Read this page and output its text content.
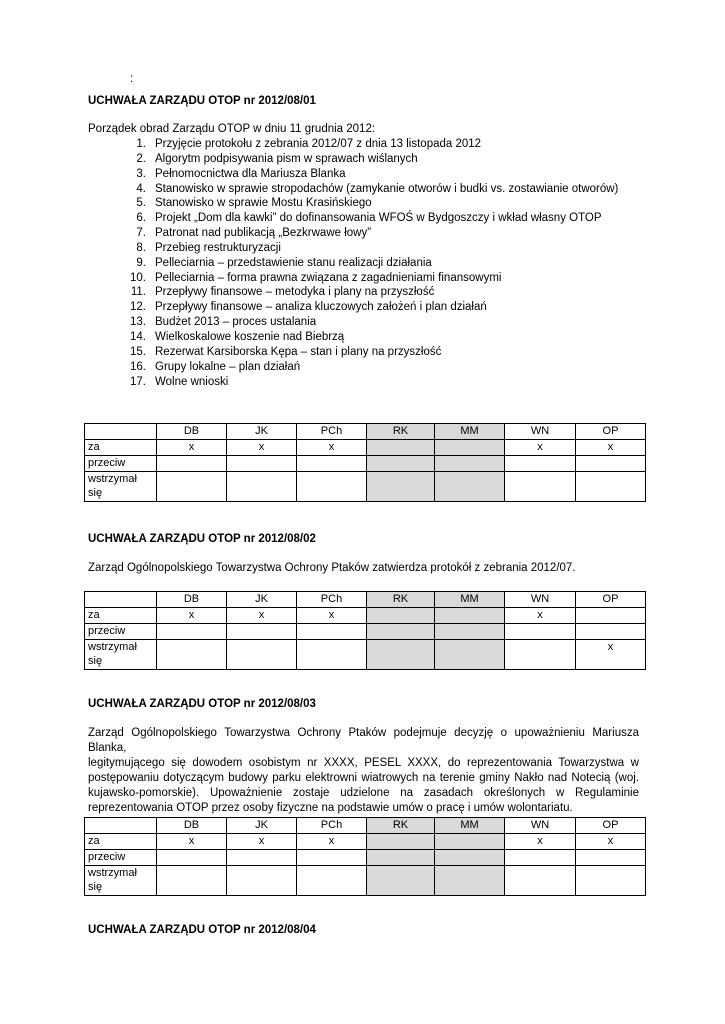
:
UCHWAŁA ZARZĄDU OTOP nr 2012/08/01
Porządek obrad Zarządu OTOP w dniu 11 grudnia 2012:
1. Przyjęcie protokołu z zebrania 2012/07 z dnia 13 listopada 2012
2. Algorytm podpisywania pism w sprawach wiślanych
3. Pełnomocnictwa dla Mariusza Blanka
4. Stanowisko w sprawie stropodachów (zamykanie otworów i budki vs. zostawianie otworów)
5. Stanowisko w sprawie Mostu Krasińskiego
6. Projekt „Dom dla kawki” do dofinansowania WFOŚ w Bydgoszczy i wkład własny OTOP
7. Patronat nad publikacją „Bezkrwawe łowy”
8. Przebieg restrukturyzacji
9. Pelleciarnia – przedstawienie stanu realizacji działania
10. Pelleciarnia – forma prawna związana z zagadnieniami finansowymi
11. Przepływy finansowe – metodyka i plany na przyszłość
12. Przepływy finansowe – analiza kluczowych założeń i plan działań
13. Budżet 2013 – proces ustalania
14. Wielkoskalowe koszenie nad Biebrzą
15. Rezerwat Karsiborska Kępa – stan i plany na przyszłość
16. Grupy lokalne – plan działań
17. Wolne wnioski
	DB	JK	PCh	RK	MM	WN	OP
za	x	x	x			x	x
przeciw							
wstrzymał
się							
UCHWAŁA ZARZĄDU OTOP nr 2012/08/02
Zarząd Ogólnopolskiego Towarzystwa Ochrony Ptaków zatwierdza protokół z zebrania 2012/07.
	DB	JK	PCh	RK	MM	WN	OP
za	x	x	x			x	
przeciw							
wstrzymał
się							x
UCHWAŁA ZARZĄDU OTOP nr 2012/08/03
Zarząd Ogólnopolskiego Towarzystwa Ochrony Ptaków podejmuje decyzję o upoważnieniu Mariusza Blanka,
legitymującego się dowodem osobistym nr XXXX, PESEL XXXX, do reprezentowania Towarzystwa w
postępowaniu dotyczącym budowy parku elektrowni wiatrowych na terenie gminy Nakło nad Notecią (woj.
kujawsko-pomorskie). Upoważnienie zostaje udzielone na zasadach określonych w Regulaminie
reprezentowania OTOP przez osoby fizyczne na podstawie umów o pracę i umów wolontariatu.
	DB	JK	PCh	RK	MM	WN	OP
za	x	x	x			x	x
przeciw							
wstrzymał
się							
UCHWAŁA ZARZĄDU OTOP nr 2012/08/04
